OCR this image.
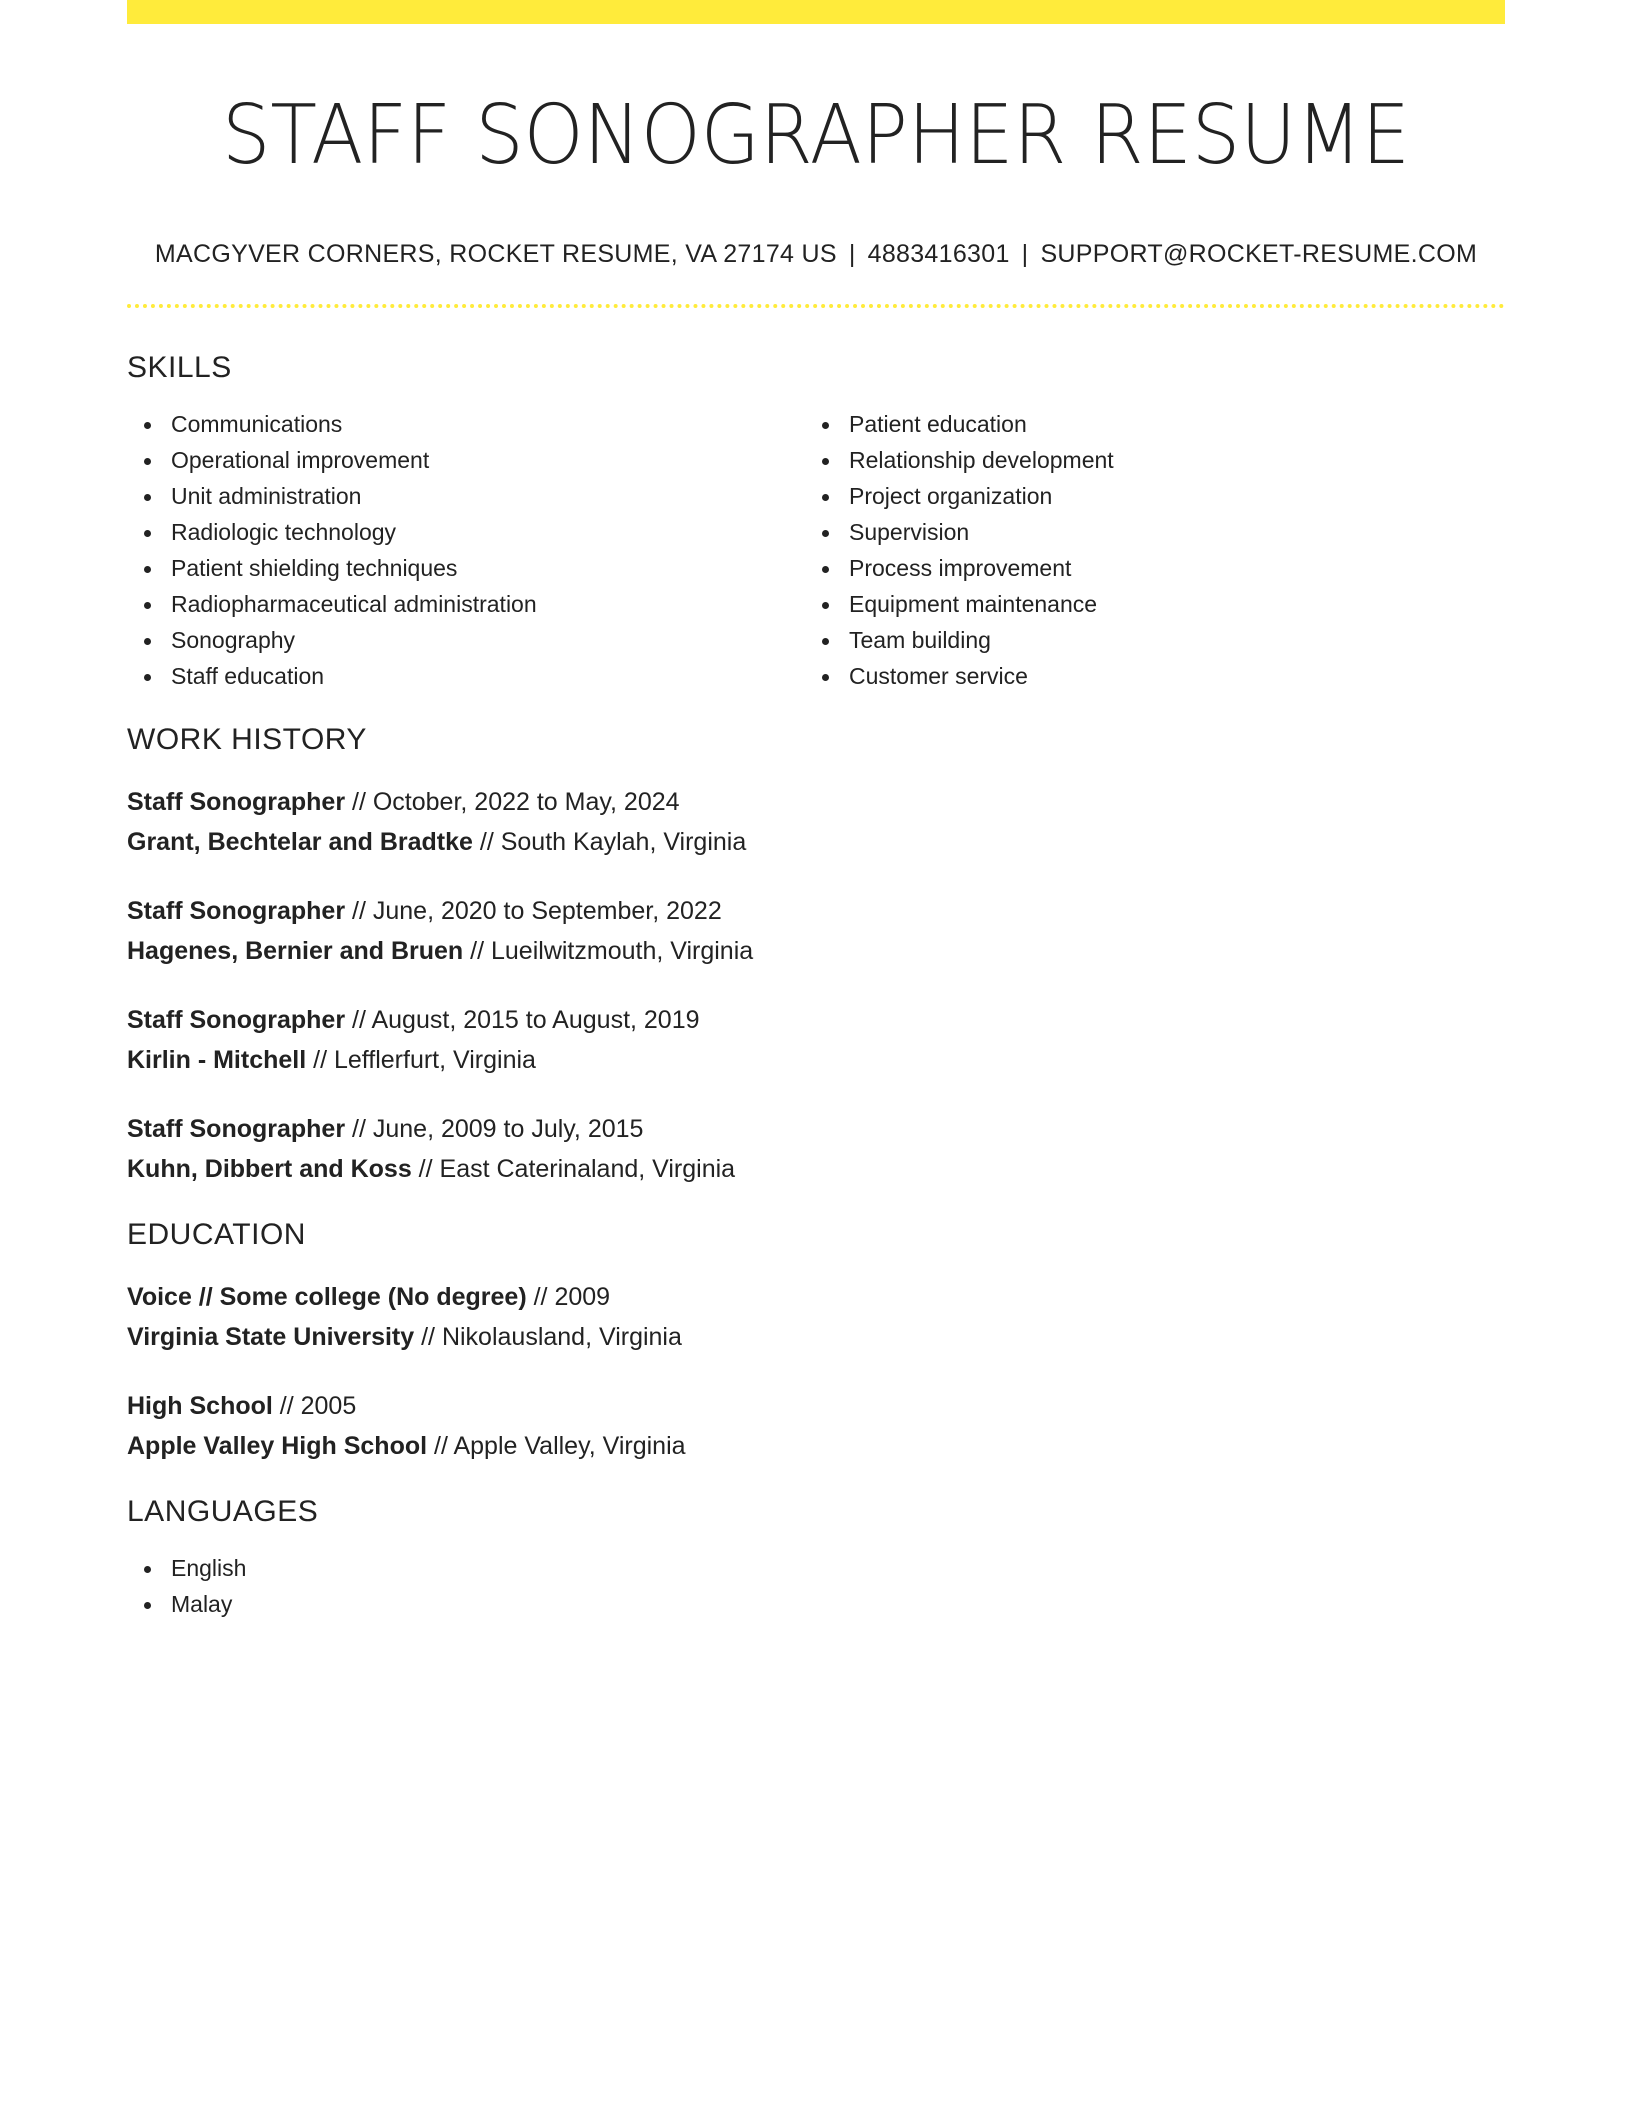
STAFF SONOGRAPHER RESUME
MACGYVER CORNERS, ROCKET RESUME, VA 27174 US | 4883416301 | SUPPORT@ROCKET-RESUME.COM
SKILLS
Communications
Operational improvement
Unit administration
Radiologic technology
Patient shielding techniques
Radiopharmaceutical administration
Sonography
Staff education
Patient education
Relationship development
Project organization
Supervision
Process improvement
Equipment maintenance
Team building
Customer service
WORK HISTORY
Staff Sonographer // October, 2022 to May, 2024
Grant, Bechtelar and Bradtke // South Kaylah, Virginia
Staff Sonographer // June, 2020 to September, 2022
Hagenes, Bernier and Bruen // Lueilwitzmouth, Virginia
Staff Sonographer // August, 2015 to August, 2019
Kirlin - Mitchell // Lefflerfurt, Virginia
Staff Sonographer // June, 2009 to July, 2015
Kuhn, Dibbert and Koss // East Caterinaland, Virginia
EDUCATION
Voice // Some college (No degree) // 2009
Virginia State University // Nikolausland, Virginia
High School // 2005
Apple Valley High School // Apple Valley, Virginia
LANGUAGES
English
Malay
